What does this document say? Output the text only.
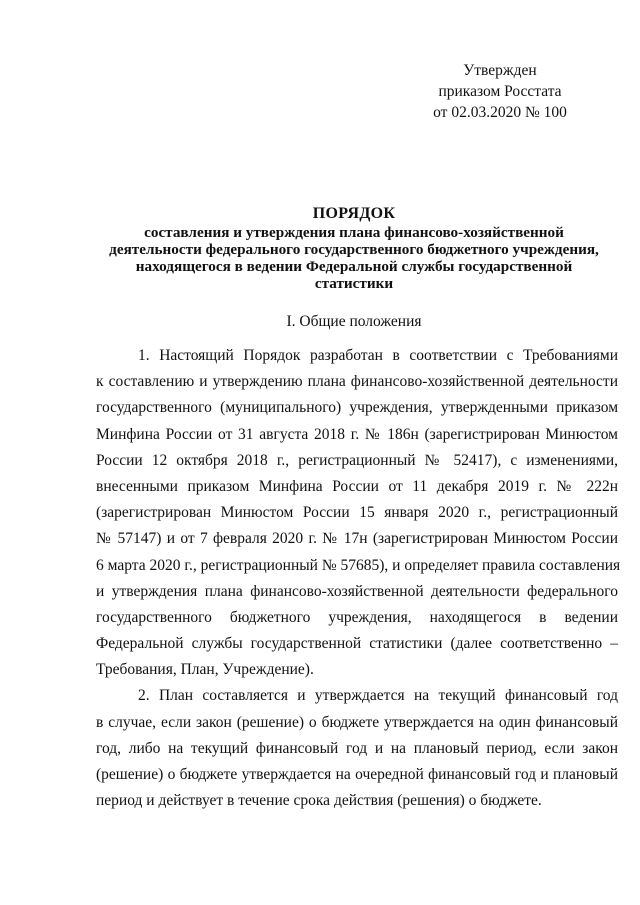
Утвержден
приказом Росстата
от 02.03.2020 № 100
ПОРЯДОК
составления и утверждения плана финансово-хозяйственной
деятельности федерального государственного бюджетного учреждения,
находящегося в ведении Федеральной службы государственной
статистики
I. Общие положения
1. Настоящий Порядок разработан в соответствии с Требованиями
к составлению и утверждению плана финансово-хозяйственной деятельности
государственного (муниципального) учреждения, утвержденными приказом
Минфина России от 31 августа 2018 г. № 186н (зарегистрирован Минюстом
России 12 октября 2018 г., регистрационный № 52417), с изменениями,
внесенными приказом Минфина России от 11 декабря 2019 г. № 222н
(зарегистрирован Минюстом России 15 января 2020 г., регистрационный
№ 57147) и от 7 февраля 2020 г. № 17н (зарегистрирован Минюстом России
6 марта 2020 г., регистрационный № 57685), и определяет правила составления
и утверждения плана финансово-хозяйственной деятельности федерального
государственного бюджетного учреждения, находящегося в ведении
Федеральной службы государственной статистики (далее соответственно –
Требования, План, Учреждение).
2. План составляется и утверждается на текущий финансовый год
в случае, если закон (решение) о бюджете утверждается на один финансовый
год, либо на текущий финансовый год и на плановый период, если закон
(решение) о бюджете утверждается на очередной финансовый год и плановый
период и действует в течение срока действия (решения) о бюджете.
